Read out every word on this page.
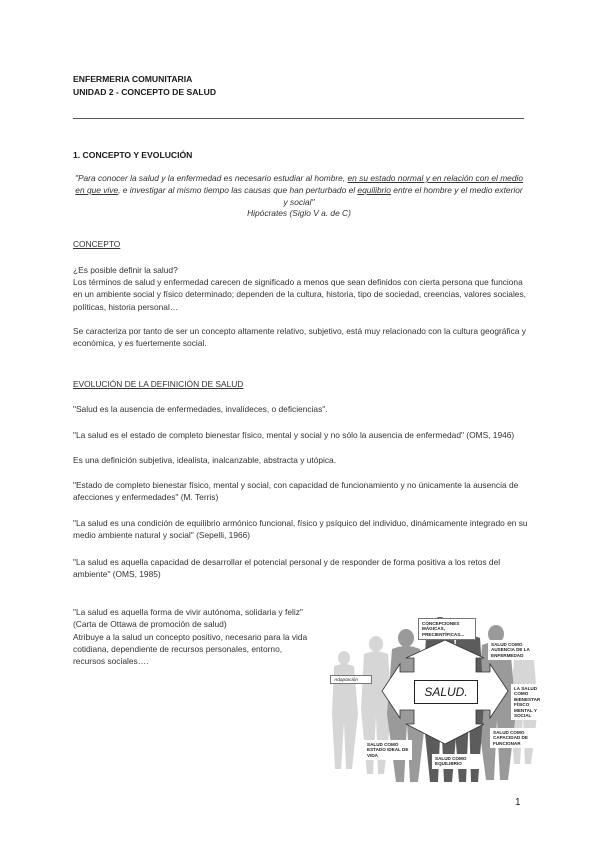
ENFERMERIA COMUNITARIA
UNIDAD 2 - CONCEPTO DE SALUD
1. CONCEPTO Y EVOLUCIÓN
"Para conocer la salud y la enfermedad es necesario estudiar al hombre, en su estado normal y en relación con el medio en que vive, e investigar al mismo tiempo las causas que han perturbado el equilibrio entre el hombre y el medio exterior y social"
Hipócrates (Siglo V a. de C)
CONCEPTO
¿Es posible definir la salud?
Los términos de salud y enfermedad carecen de significado a menos que sean definidos con cierta persona que funciona en un ambiente social y físico determinado; dependen de la cultura, historia, tipo de sociedad, creencias, valores sociales, políticas, historia personal…
Se caracteriza por tanto de ser un concepto altamente relativo, subjetivo, está muy relacionado con la cultura geográfica y económica, y es fuertemente social.
EVOLUCIÓN DE LA DEFINICIÓN DE SALUD
"Salud es la ausencia de enfermedades, invalideces, o deficiencias".
"La salud es el estado de completo bienestar físico, mental y social y no sólo la ausencia de enfermedad" (OMS, 1946)
Es una definición subjetiva, idealista, inalcanzable, abstracta y utópica.
"Estado de completo bienestar físico, mental y social, con capacidad de funcionamiento y no únicamente la ausencia de afecciones y enfermedades" (M. Terris)
"La salud es una condición de equilibrio armónico funcional, físico y psíquico del individuo, dinámicamente integrado en su medio ambiente natural y social" (Sepelli, 1966)
"La salud es aquella capacidad de desarrollar el potencial personal y de responder de forma positiva a los retos del ambiente" (OMS, 1985)
"La salud es aquella forma de vivir autónoma, solidaria y feliz" (Carta de Ottawa de promoción de salud)
Atribuye a la salud un concepto positivo, necesario para la vida cotidiana, dependiente de recursos personales, entorno, recursos sociales….
Adaptación
SALUD.
CONCEPCIONES MÁGICAS, PRECIENTÍFICAS...
SALUD COMO AUSENCIA DE LA ENFERMEDAD
LA SALUD COMO BIENESTAR FÍSICO MENTAL Y SOCIAL
SALUD COMO CAPACIDAD DE FUNCIONAR
SALUD COMO EQUILIBRIO
SALUD COMO ESTADO IDEAL DE VIDA
1
